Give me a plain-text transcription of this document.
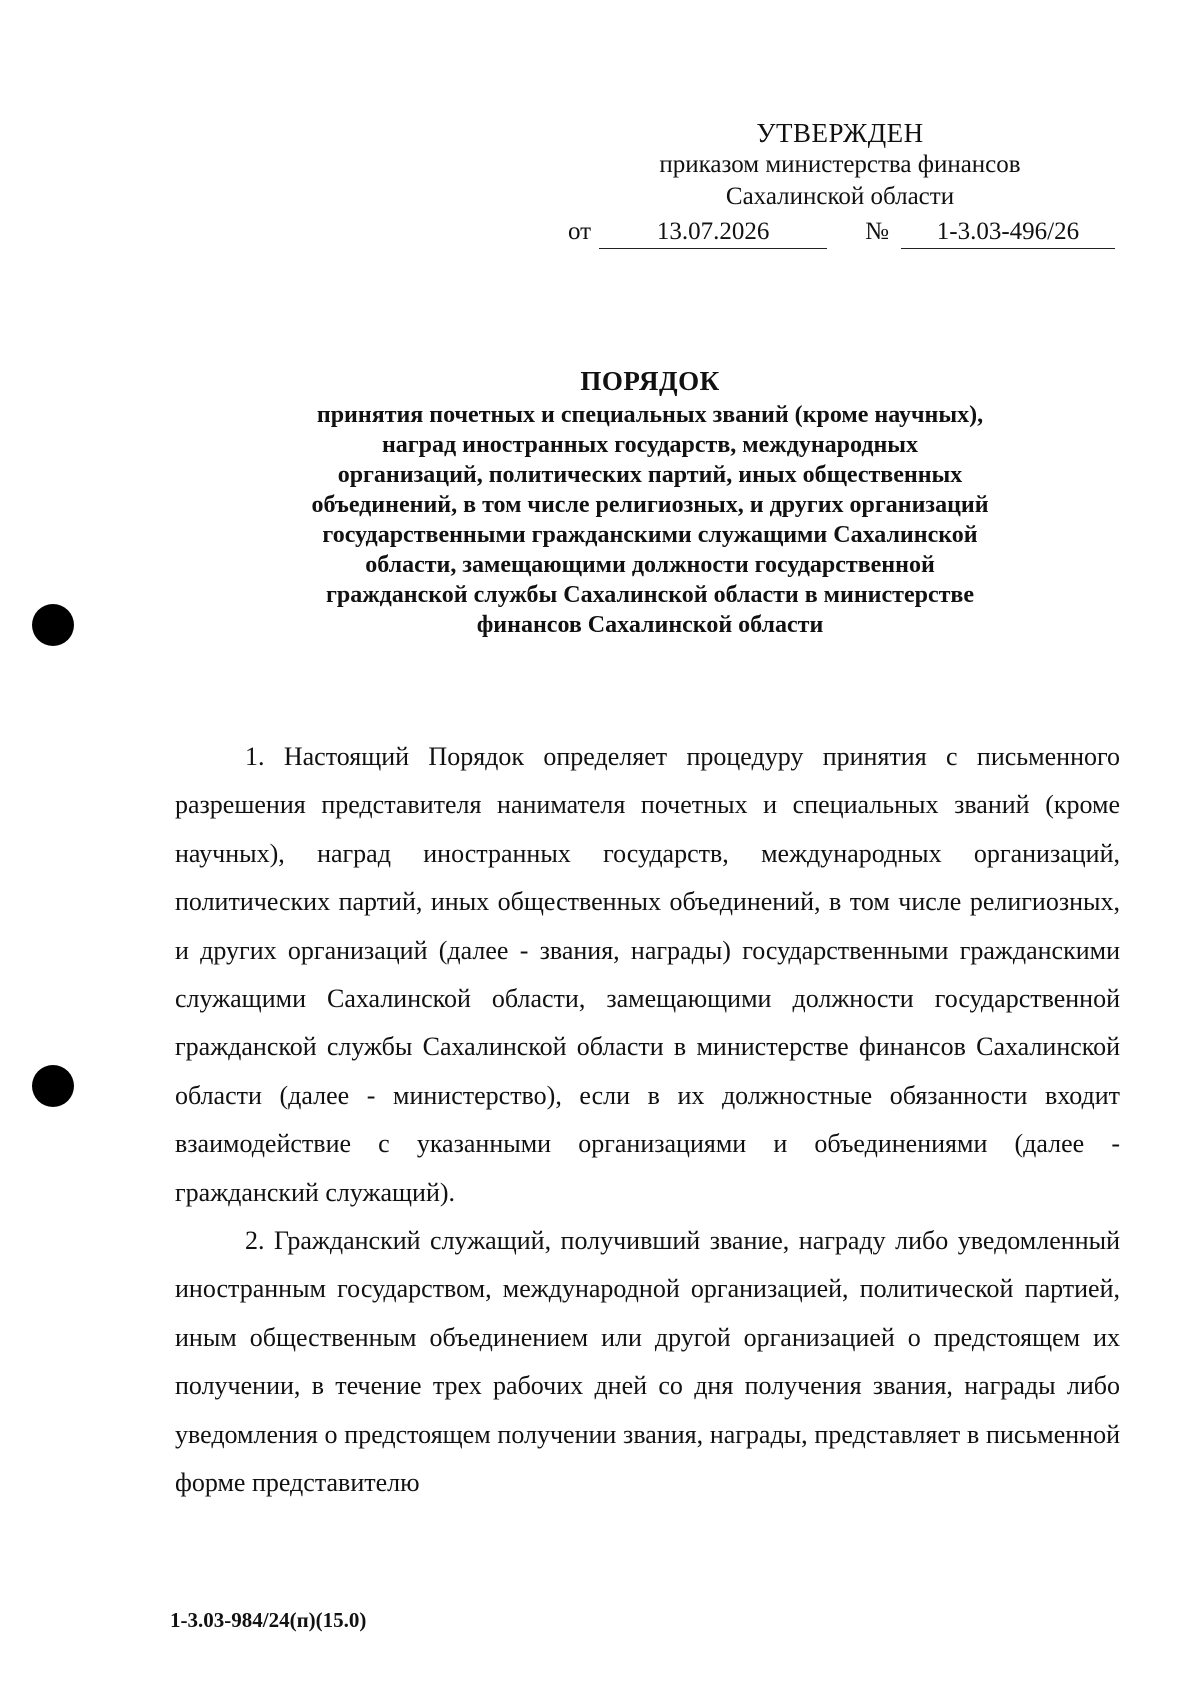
УТВЕРЖДЕН
приказом министерства финансов
Сахалинской области
от	13.07.2026	№ 1-3.03-496/26
ПОРЯДОК
принятия почетных и специальных званий (кроме научных),
наград иностранных государств, международных
организаций, политических партий, иных общественных
объединений, в том числе религиозных, и других организаций
государственными гражданскими служащими Сахалинской
области, замещающими должности государственной
гражданской службы Сахалинской области в министерстве
финансов Сахалинской области

1. Настоящий Порядок определяет процедуру принятия с письменного разрешения представителя нанимателя почетных и специальных званий (кроме научных), наград иностранных государств, международных организаций, политических партий, иных общественных объединений, в том числе религиозных, и других организаций (далее - звания, награды) государственными гражданскими служащими Сахалинской области, замещающими должности государственной гражданской службы Сахалинской области в министерстве финансов Сахалинской области (далее - министерство), если в их должностные обязанности входит взаимодействие с указанными организациями и объединениями (далее - гражданский служащий).

2. Гражданский служащий, получивший звание, награду либо уведомленный иностранным государством, международной организацией, политической партией, иным общественным объединением или другой организацией о предстоящем их получении, в течение трех рабочих дней со дня получения звания, награды либо уведомления о предстоящем получении звания, награды, представляет в письменной форме представителю

1-3.03-984/24(п)(15.0)
